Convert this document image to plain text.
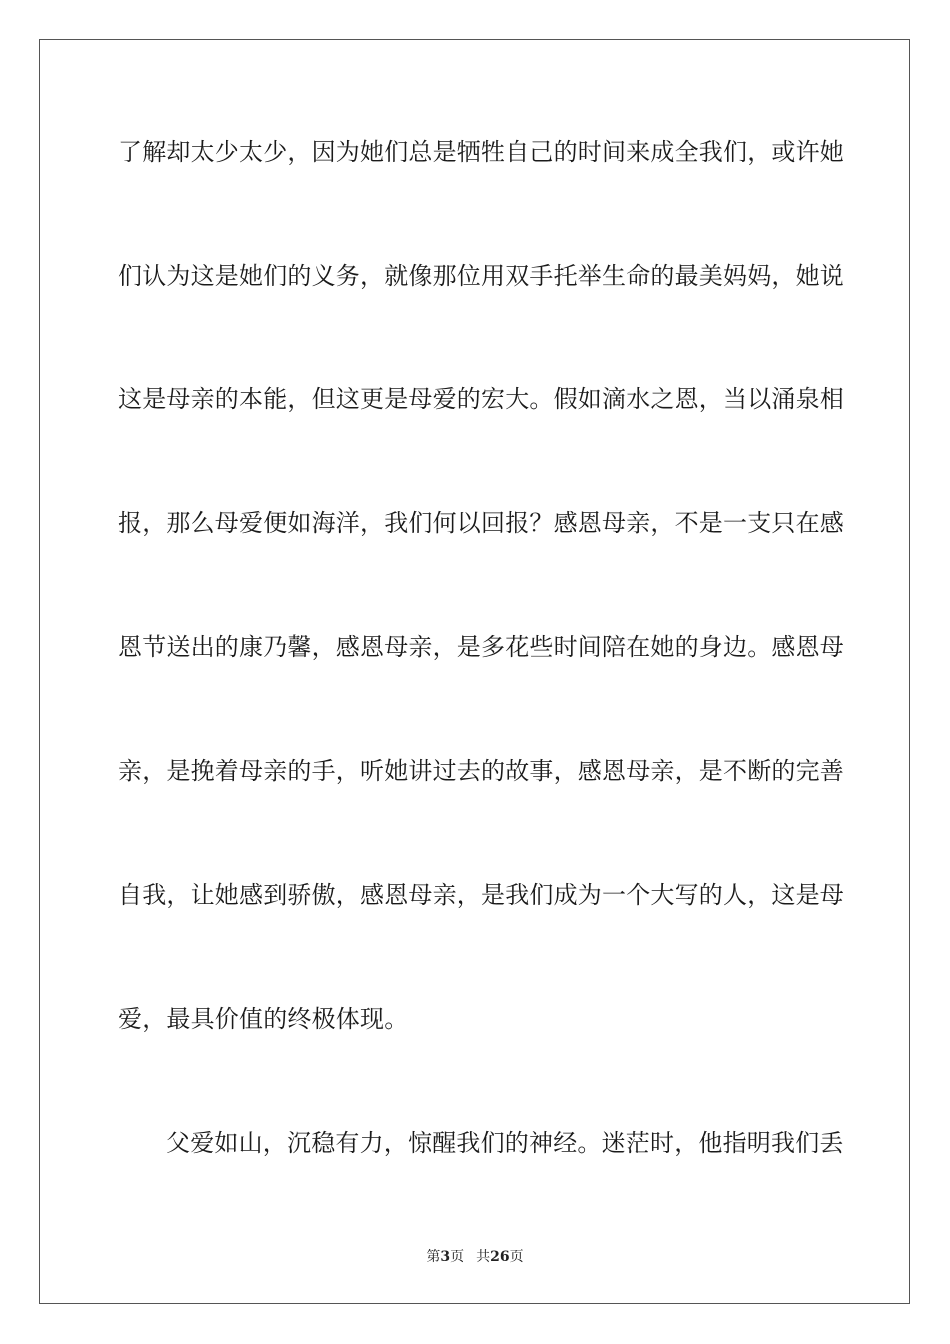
了解却太少太少，因为她们总是牺牲自己的时间来成全我们，或许她
们认为这是她们的义务，就像那位用双手托举生命的最美妈妈，她说
这是母亲的本能，但这更是母爱的宏大。假如滴水之恩，当以涌泉相
报，那么母爱便如海洋，我们何以回报？感恩母亲，不是一支只在感
恩节送出的康乃馨，感恩母亲，是多花些时间陪在她的身边。感恩母
亲，是挽着母亲的手，听她讲过去的故事，感恩母亲，是不断的完善
自我，让她感到骄傲，感恩母亲，是我们成为一个大写的人，这是母
爱，最具价值的终极体现。
父爱如山，沉稳有力，惊醒我们的神经。迷茫时，他指明我们丢
第3页 共26页
